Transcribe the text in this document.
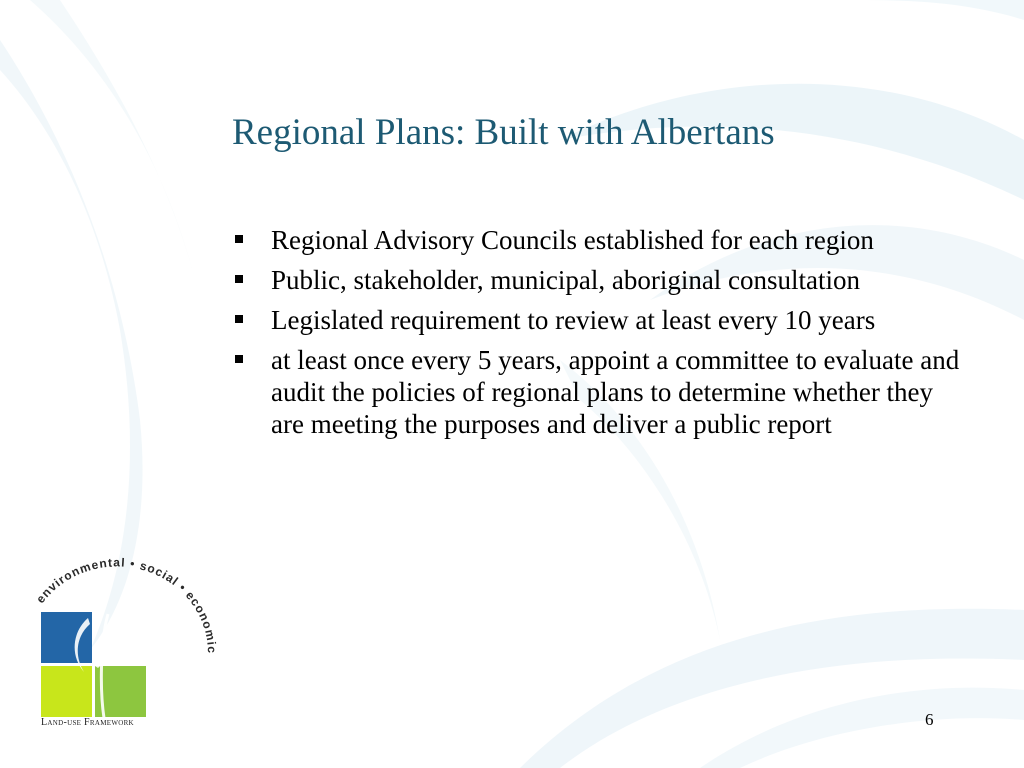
Regional Plans: Built with Albertans
Regional Advisory Councils established for each region
Public, stakeholder, municipal, aboriginal consultation
Legislated requirement to review at least every 10 years
at least once every 5 years, appoint a committee to evaluate and audit the policies of regional plans to determine whether they are meeting the purposes and deliver a public report
environmental • social • economic
Land-use Framework	6
